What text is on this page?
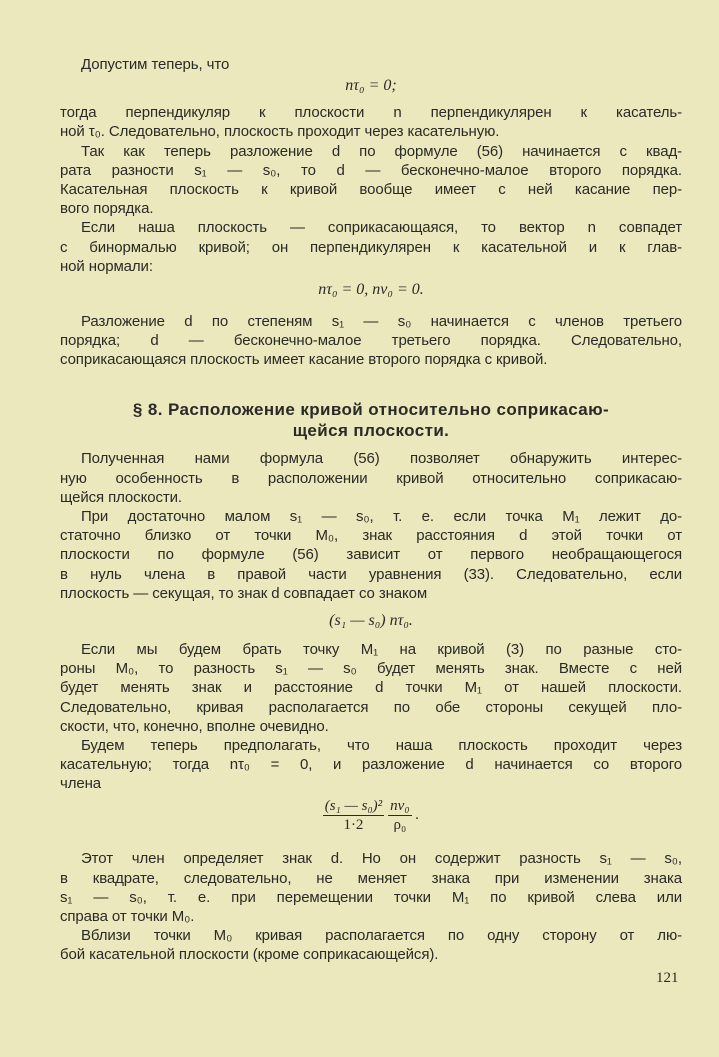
Допустим теперь, что
nτ₀ = 0;
тогда перпендикуляр к плоскости n перпендикулярен к касатель-
ной τ₀. Следовательно, плоскость проходит через касательную.
Так как теперь разложение d по формуле (56) начинается с квад-
рата разности s₁ — s₀, то d — бесконечно-малое второго порядка.
Касательная плоскость к кривой вообще имеет с ней касание пер-
вого порядка.
Если наша плоскость — соприкасающаяся, то вектор n совпадет
с бинормалью кривой; он перпендикулярен к касательной и к глав-
ной нормали:
nτ₀ = 0, nν₀ = 0.
Разложение d по степеням s₁ — s₀ начинается с членов третьего
порядка; d — бесконечно-малое третьего порядка. Следовательно,
соприкасающаяся плоскость имеет касание второго порядка с кривой.
§ 8. Расположение кривой относительно соприкасаю-
щейся плоскости.
Полученная нами формула (56) позволяет обнаружить интерес-
ную особенность в расположении кривой относительно соприкасаю-
щейся плоскости.
При достаточно малом s₁ — s₀, т. е. если точка M₁ лежит до-
статочно близко от точки M₀, знак расстояния d этой точки от
плоскости по формуле (56) зависит от первого необращающегося
в нуль члена в правой части уравнения (33). Следовательно, если
плоскость — секущая, то знак d совпадает со знаком
(s₁ — s₀) nτ₀.
Если мы будем брать точку M₁ на кривой (3) по разные сто-
роны M₀, то разность s₁ — s₀ будет менять знак. Вместе с ней
будет менять знак и расстояние d точки M₁ от нашей плоскости.
Следовательно, кривая располагается по обе стороны секущей пло-
скости, что, конечно, вполне очевидно.
Будем теперь предполагать, что наша плоскость проходит через
касательную; тогда nτ₀ = 0, и разложение d начинается со второго
члена
$\frac{\text{(s₁ — s₀)²}}{1\cdot 2} \frac{\text{nν₀}}{\text{ρ₀}}$ .
Этот член определяет знак d. Но он содержит разность s₁ — s₀,
в квадрате, следовательно, не меняет знака при изменении знака
s₁ — s₀, т. е. при перемещении точки M₁ по кривой слева или
справа от точки M₀.
Вблизи точки M₀ кривая располагается по одну сторону от лю-
бой касательной плоскости (кроме соприкасающейся).
121
